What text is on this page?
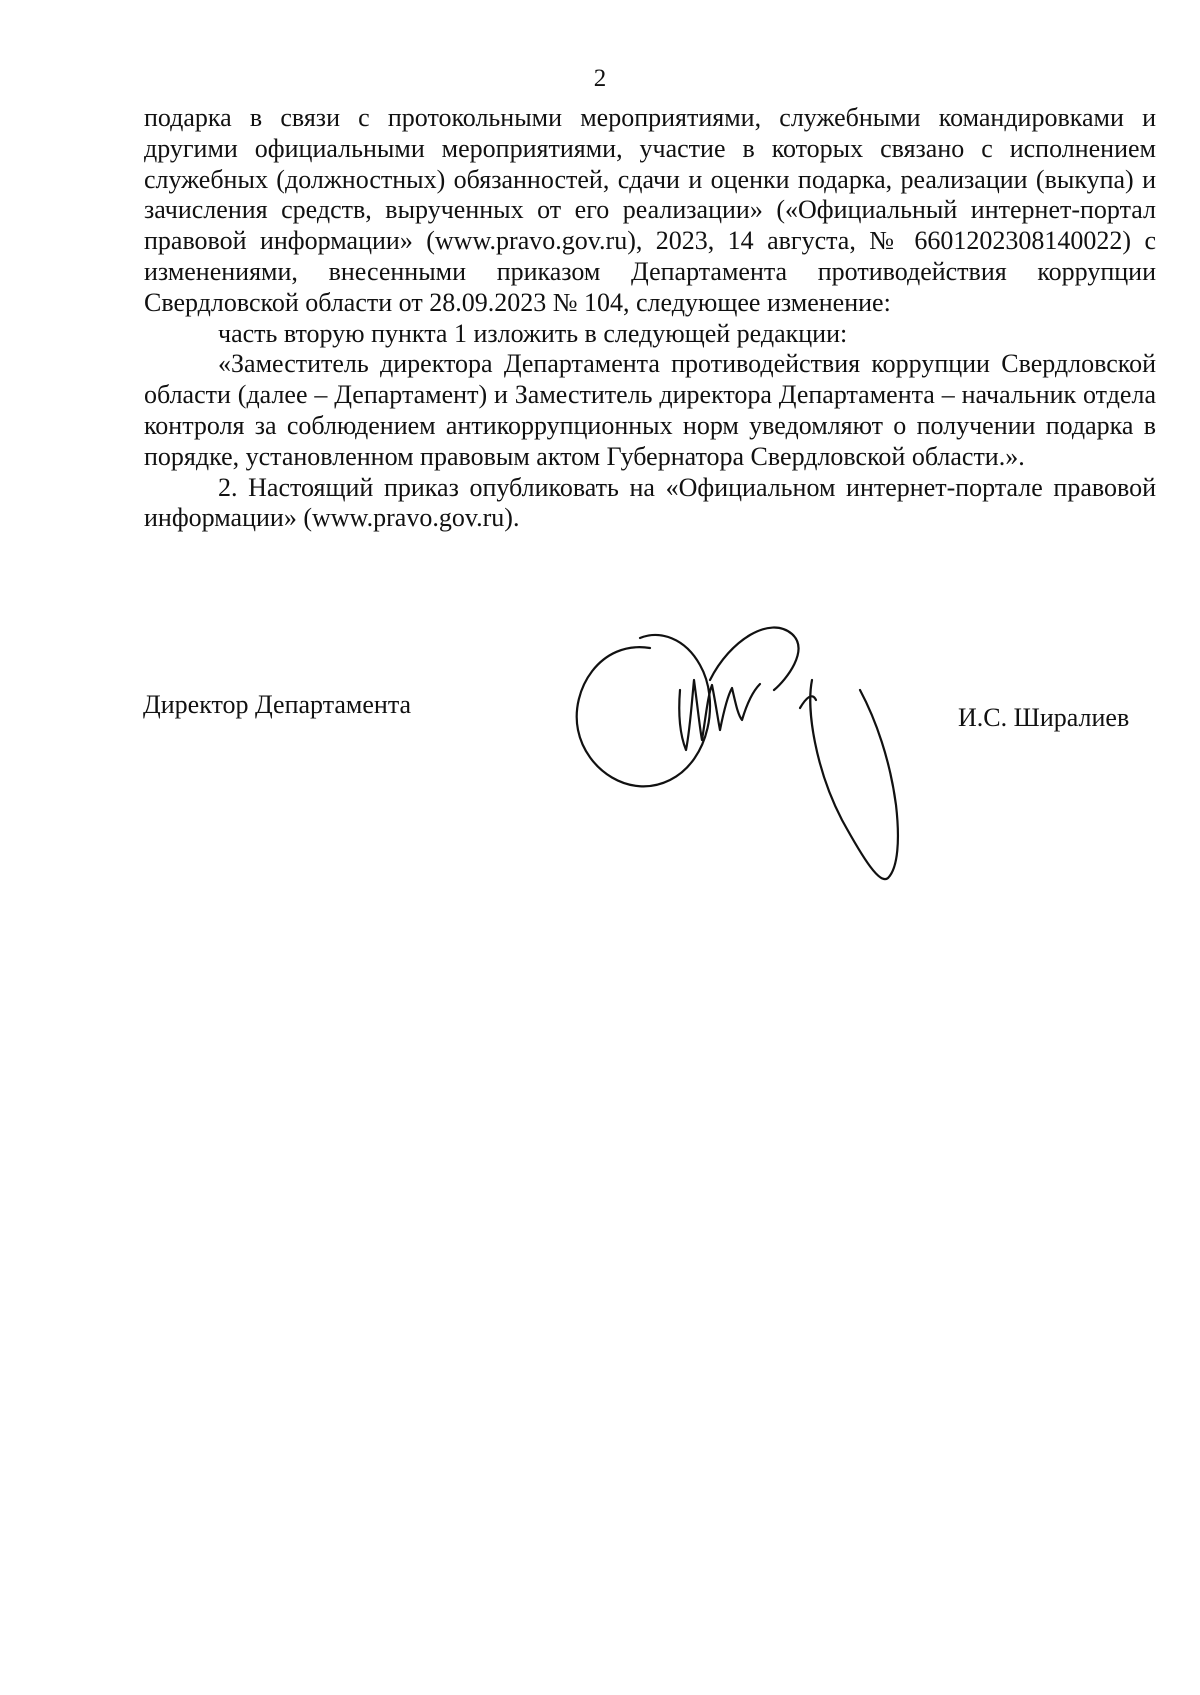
2

подарка в связи с протокольными мероприятиями, служебными командировками и другими официальными мероприятиями, участие в которых связано с исполнением служебных (должностных) обязанностей, сдачи и оценки подарка, реализации (выкупа) и зачисления средств, вырученных от его реализации» («Официальный интернет-портал правовой информации» (www.pravo.gov.ru), 2023, 14 августа, № 6601202308140022) с изменениями, внесенными приказом Департамента противодействия коррупции Свердловской области от 28.09.2023 № 104, следующее изменение:

часть вторую пункта 1 изложить в следующей редакции:

«Заместитель директора Департамента противодействия коррупции Свердловской области (далее – Департамент) и Заместитель директора Департамента – начальник отдела контроля за соблюдением антикоррупционных норм уведомляют о получении подарка в порядке, установленном правовым актом Губернатора Свердловской области.».

2. Настоящий приказ опубликовать на «Официальном интернет-портале правовой информации» (www.pravo.gov.ru).

Директор Департамента	И.С. Ширалиев
